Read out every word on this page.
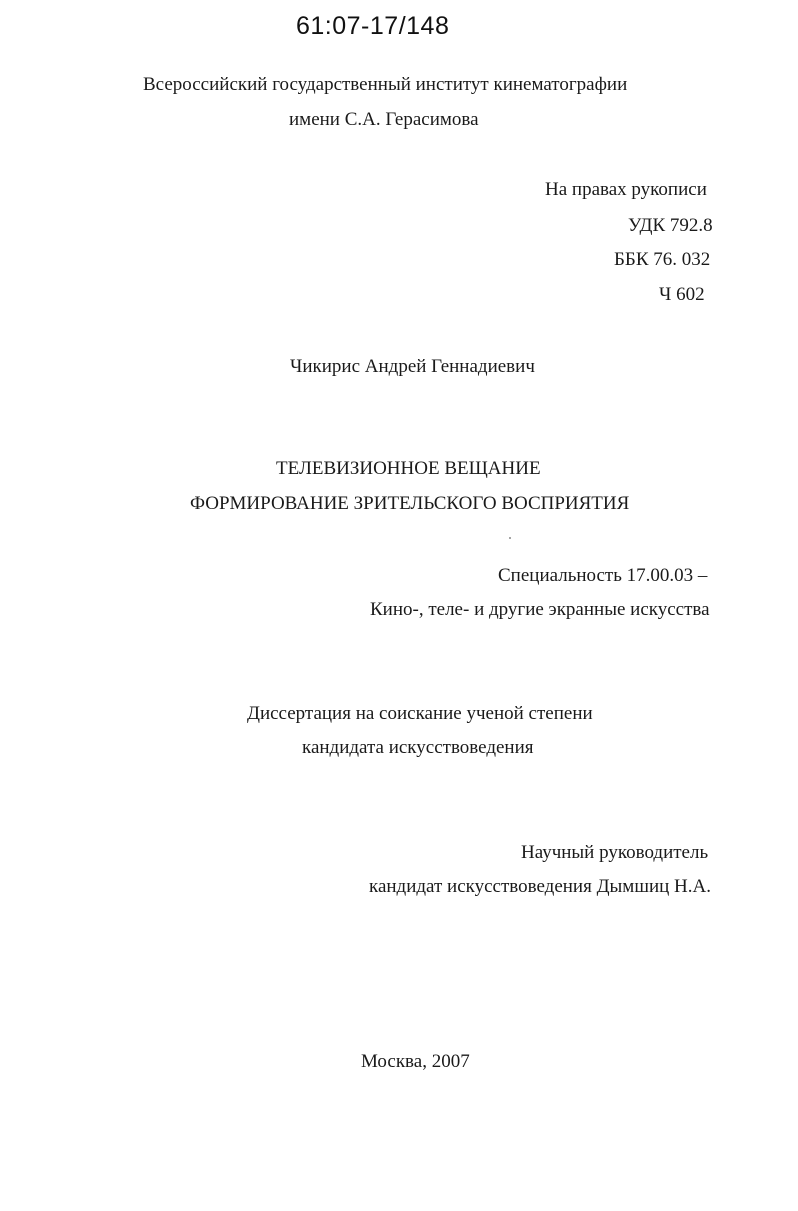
61:07-17/148
Всероссийский государственный институт кинематографии
имени С.А. Герасимова
На правах рукописи
УДК 792.8
ББК 76. 032
Ч 602
Чикирис Андрей Геннадиевич
ТЕЛЕВИЗИОННОЕ ВЕЩАНИЕ
ФОРМИРОВАНИЕ ЗРИТЕЛЬСКОГО ВОСПРИЯТИЯ
Специальность 17.00.03 –
Кино-, теле- и другие экранные искусства
Диссертация на соискание ученой степени
кандидата искусствоведения
Научный руководитель
кандидат искусствоведения Дымшиц Н.А.
Москва, 2007
